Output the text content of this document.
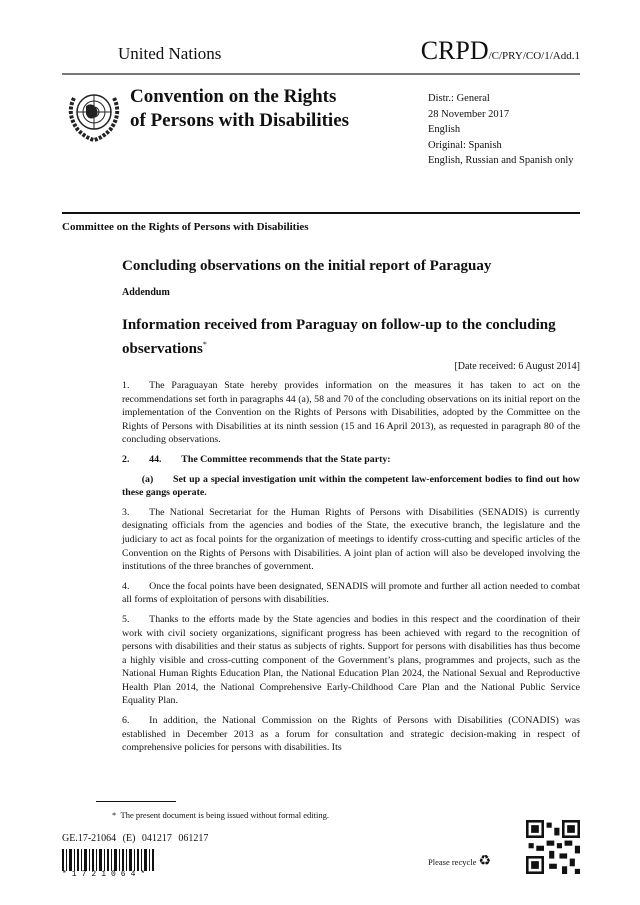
United Nations	CRPD/C/PRY/CO/1/Add.1
Convention on the Rights
of Persons with Disabilities
Distr.: General
28 November 2017
English
Original: Spanish
English, Russian and Spanish only
Committee on the Rights of Persons with Disabilities
Concluding observations on the initial report of Paraguay
Addendum
Information received from Paraguay on follow-up to the concluding observations*
[Date received: 6 August 2014]

1.  The Paraguayan State hereby provides information on the measures it has taken to act on the recommendations set forth in paragraphs 44 (a), 58 and 70 of the concluding observations on its initial report on the implementation of the Convention on the Rights of Persons with Disabilities, adopted by the Committee on the Rights of Persons with Disabilities at its ninth session (15 and 16 April 2013), as requested in paragraph 80 of the concluding observations.

2.  44.  The Committee recommends that the State party:

  (a)  Set up a special investigation unit within the competent law-enforcement bodies to find out how these gangs operate.

3.  The National Secretariat for the Human Rights of Persons with Disabilities (SENADIS) is currently designating officials from the agencies and bodies of the State, the executive branch, the legislature and the judiciary to act as focal points for the organization of meetings to identify cross-cutting and specific articles of the Convention on the Rights of Persons with Disabilities. A joint plan of action will also be developed involving the institutions of the three branches of government.

4.  Once the focal points have been designated, SENADIS will promote and further all action needed to combat all forms of exploitation of persons with disabilities.

5.  Thanks to the efforts made by the State agencies and bodies in this respect and the coordination of their work with civil society organizations, significant progress has been achieved with regard to the recognition of persons with disabilities and their status as subjects of rights. Support for persons with disabilities has thus become a highly visible and cross-cutting component of the Government’s plans, programmes and projects, such as the National Human Rights Education Plan, the National Education Plan 2024, the National Sexual and Reproductive Health Plan 2014, the National Comprehensive Early-Childhood Care Plan and the National Public Service Equality Plan.

6.  In addition, the National Commission on the Rights of Persons with Disabilities (CONADIS) was established in December 2013 as a forum for consultation and strategic decision-making in respect of comprehensive policies for persons with disabilities. Its

* The present document is being issued without formal editing.
GE.17-21064 (E) 041217 061217
*1721064*
Please recycle ♻
